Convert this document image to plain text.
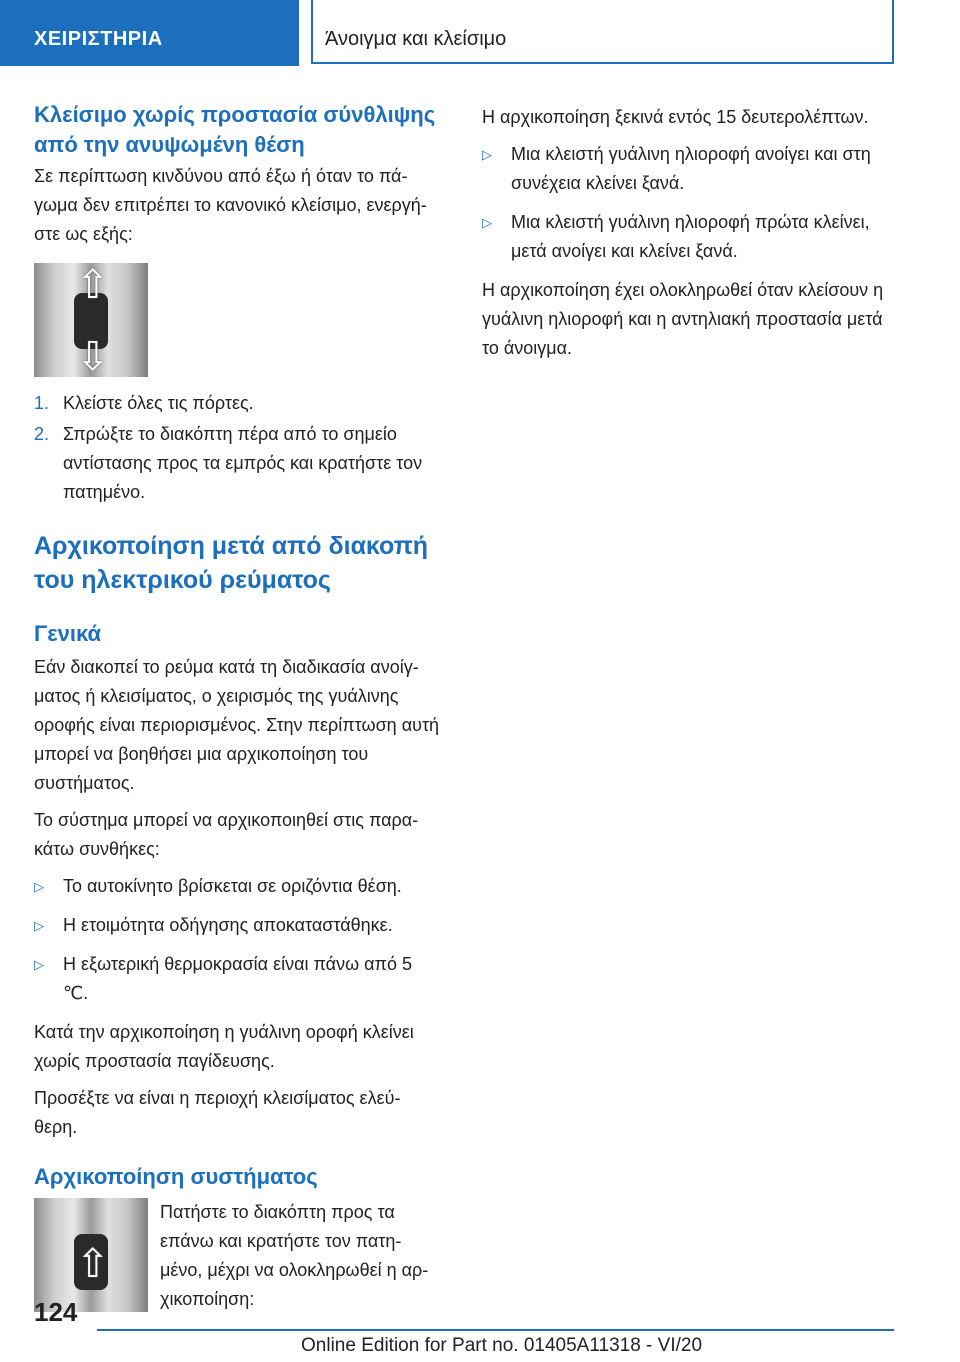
ΧΕΙΡΙΣΤΗΡΙΑ	Άνοιγμα και κλείσιμο
Κλείσιμο χωρίς προστασία σύνθλιψης από την ανυψωμένη θέση

Σε περίπτωση κινδύνου από έξω ή όταν το πά- γωμα δεν επιτρέπει το κανονικό κλείσιμο, ενεργή- στε ως εξής:

⇧
⇩
1. Κλείστε όλες τις πόρτες.
2. Σπρώξτε το διακόπτη πέρα από το σημείο αντίστασης προς τα εμπρός και κρατήστε τον πατημένο.
Αρχικοποίηση μετά από διακοπή του ηλεκτρικού ρεύματος
Γενικά

Εάν διακοπεί το ρεύμα κατά τη διαδικασία ανοίγ- ματος ή κλεισίματος, ο χειρισμός της γυάλινης οροφής είναι περιορισμένος. Στην περίπτωση αυτή μπορεί να βοηθήσει μια αρχικοποίηση του συστήματος.

Το σύστημα μπορεί να αρχικοποιηθεί στις παρα- κάτω συνθήκες:

▷	Το αυτοκίνητο βρίσκεται σε οριζόντια θέση.
▷	Η ετοιμότητα οδήγησης αποκαταστάθηκε.
▷	Η εξωτερική θερμοκρασία είναι πάνω από 5 ℃.

Κατά την αρχικοποίηση η γυάλινη οροφή κλείνει χωρίς προστασία παγίδευσης.

Προσέξτε να είναι η περιοχή κλεισίματος ελεύ- θερη.

Αρχικοποίηση συστήματος
⇧

Πατήστε το διακόπτη προς τα επάνω και κρατήστε τον πατη- μένο, μέχρι να ολοκληρωθεί η αρ- χικοποίηση:

Η αρχικοποίηση ξεκινά εντός 15 δευτερολέπτων.

▷	Μια κλειστή γυάλινη ηλιοροφή ανοίγει και στη συνέχεια κλείνει ξανά.
▷	Μια κλειστή γυάλινη ηλιοροφή πρώτα κλείνει, μετά ανοίγει και κλείνει ξανά.

Η αρχικοποίηση έχει ολοκληρωθεί όταν κλείσουν η γυάλινη ηλιοροφή και η αντηλιακή προστασία μετά το άνοιγμα.

124
Online Edition for Part no. 01405A11318 - VI/20
